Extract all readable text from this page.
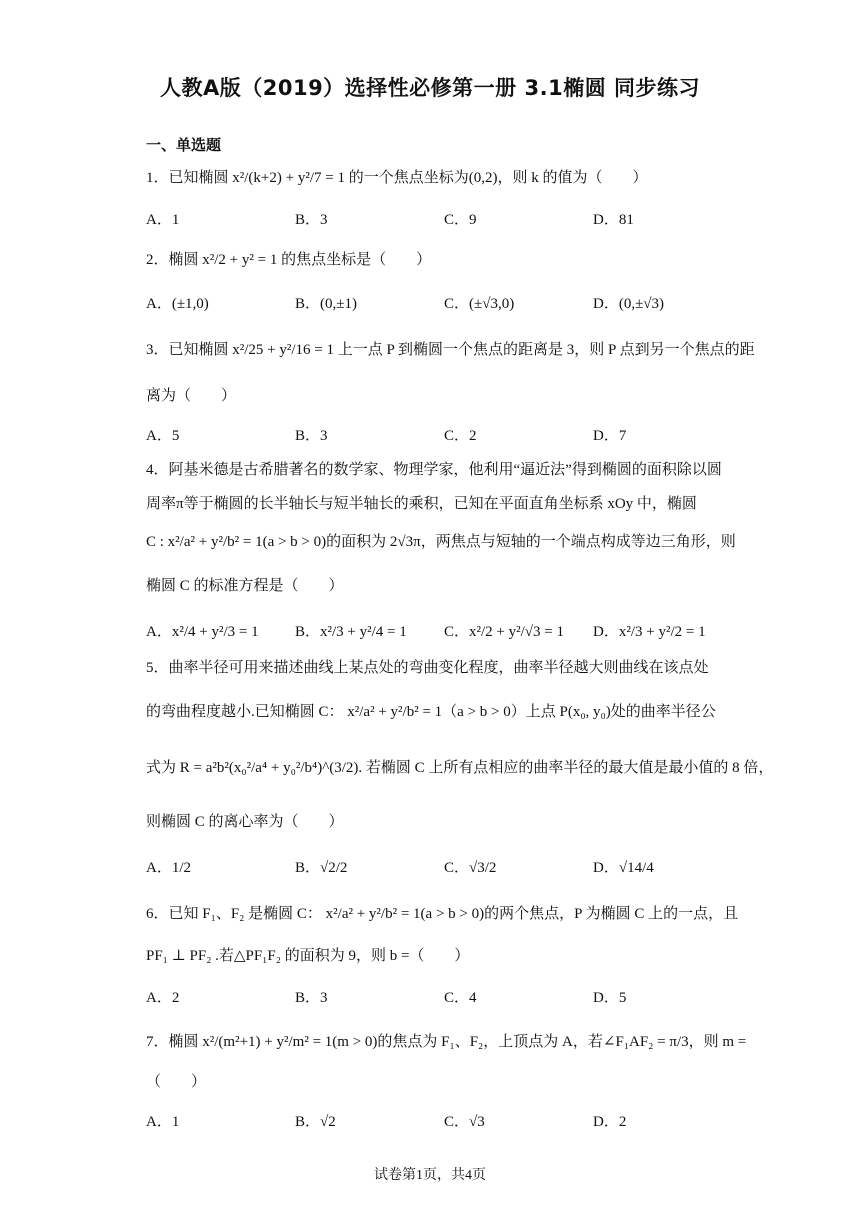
人教A版（2019）选择性必修第一册 3.1椭圆 同步练习
一、单选题
1．已知椭圆 x²/(k+2) + y²/7 = 1 的一个焦点坐标为(0,2)，则 k 的值为（　　）
A．1	B．3	C．9	D．81
2．椭圆 x²/2 + y² = 1 的焦点坐标是（　　）
A．(±1,0)	B．(0,±1)	C．(±√3,0)	D．(0,±√3)
3．已知椭圆 x²/25 + y²/16 = 1 上一点 P 到椭圆一个焦点的距离是 3，则 P 点到另一个焦点的距
离为（　　）
A．5	B．3	C．2	D．7
4．阿基米德是古希腊著名的数学家、物理学家，他利用“逼近法”得到椭圆的面积除以圆
周率π等于椭圆的长半轴长与短半轴长的乘积，已知在平面直角坐标系 xOy 中，椭圆
C : x²/a² + y²/b² = 1(a > b > 0)的面积为 2√3π，两焦点与短轴的一个端点构成等边三角形，则
椭圆 C 的标准方程是（　　）
A．x²/4 + y²/3 = 1 B．x²/3 + y²/4 = 1 C．x²/2 + y²/√3 = 1 D．x²/3 + y²/2 = 1
5．曲率半径可用来描述曲线上某点处的弯曲变化程度，曲率半径越大则曲线在该点处
的弯曲程度越小.已知椭圆 C： x²/a² + y²/b² = 1（a > b > 0）上点 P(x₀, y₀)处的曲率半径公
式为 R = a²b²(x₀²/a⁴ + y₀²/b⁴)^(3/2). 若椭圆 C 上所有点相应的曲率半径的最大值是最小值的 8 倍，
则椭圆 C 的离心率为（　　）
A．1/2	B．√2/2	C．√3/2	D．√14/4
6．已知 F₁、F₂ 是椭圆 C： x²/a² + y²/b² = 1(a > b > 0)的两个焦点，P 为椭圆 C 上的一点，且
PF₁ ⊥ PF₂ .若△PF₁F₂ 的面积为 9，则 b =（　　）
A．2	B．3	C．4	D．5
7．椭圆 x²/(m²+1) + y²/m² = 1(m > 0)的焦点为 F₁、F₂，上顶点为 A，若∠F₁AF₂ = π/3，则 m =
（　　）
A．1	B．√2	C．√3	D．2
试卷第1页，共4页
